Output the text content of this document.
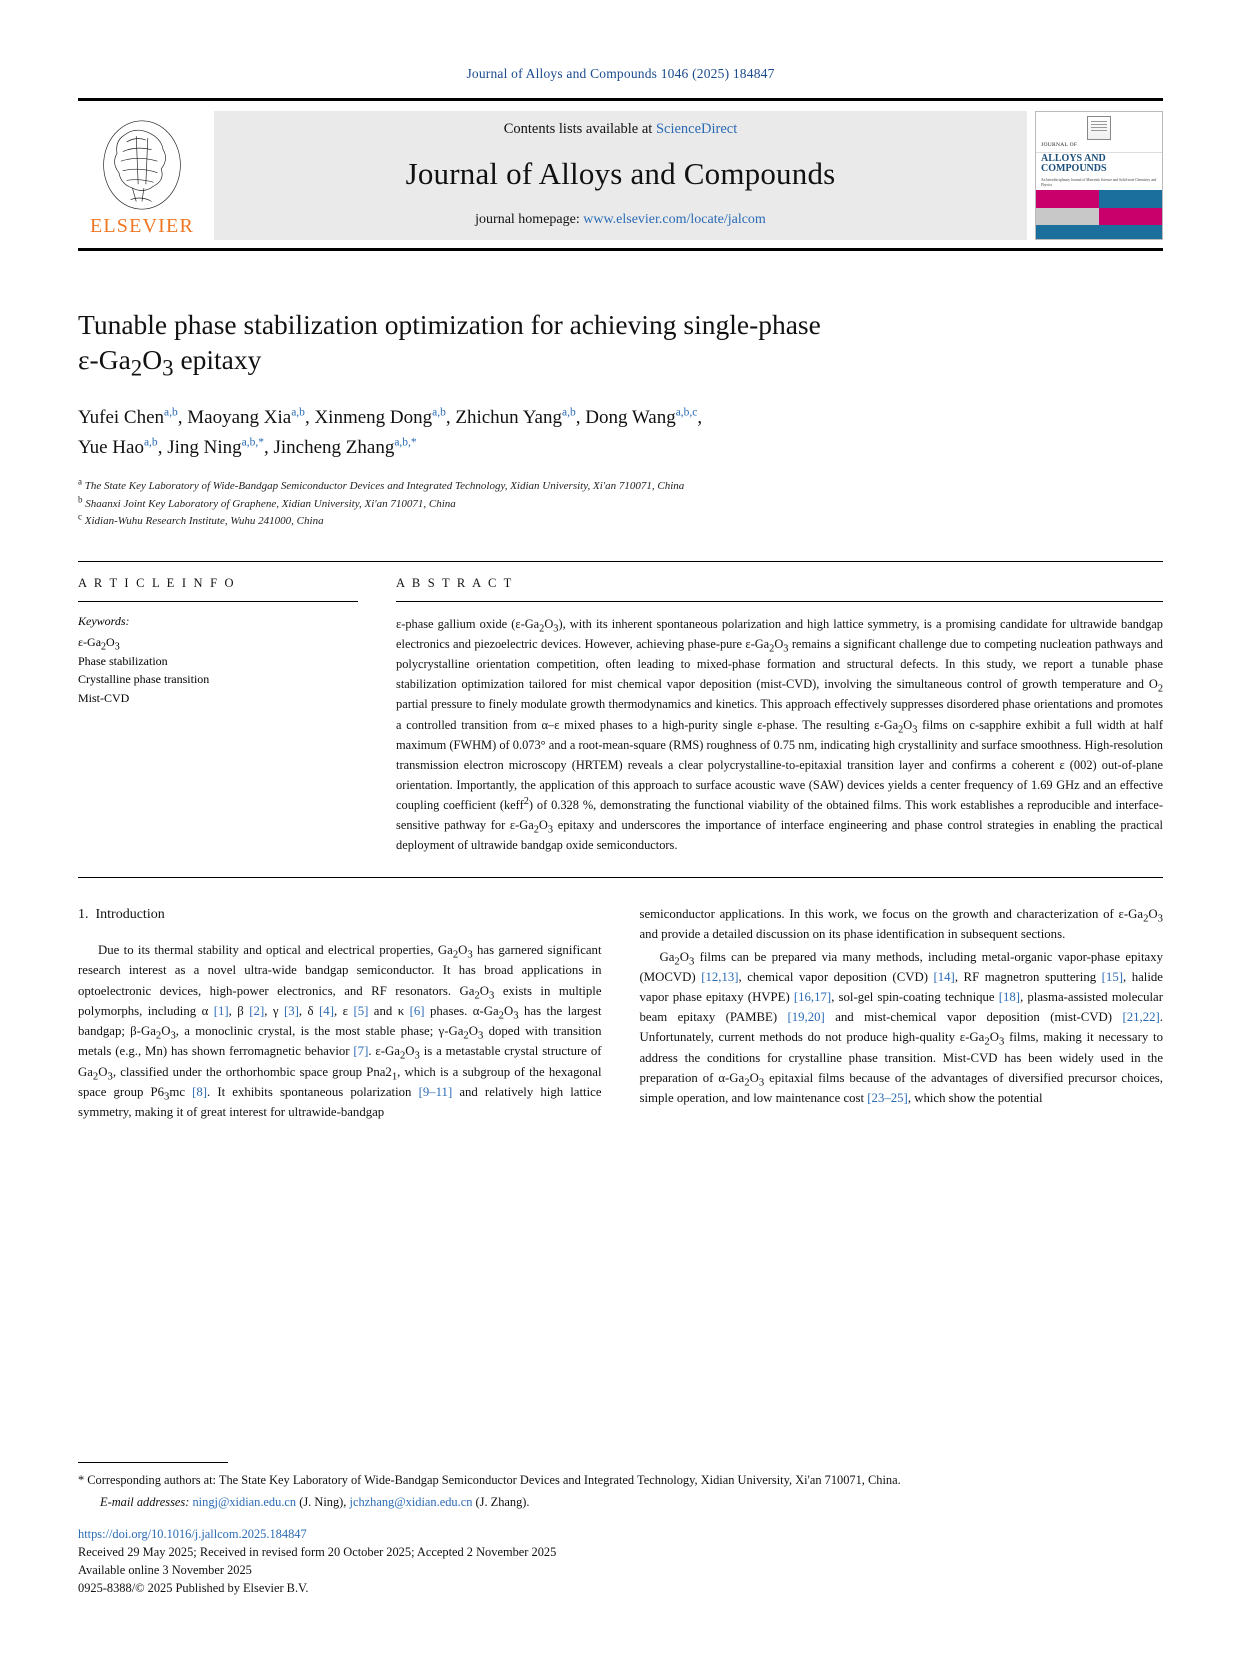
Journal of Alloys and Compounds 1046 (2025) 184847
ELSEVIER
Contents lists available at ScienceDirect
Journal of Alloys and Compounds
journal homepage: www.elsevier.com/locate/jalcom
JOURNAL OF
ALLOYS AND COMPOUNDS
An Interdisciplinary Journal of Materials Science and Solid-state Chemistry and Physics
Tunable phase stabilization optimization for achieving single-phase
$\varepsilon-Ga_2O_3$ epitaxy
Yufei Chen$^{a,b}$, Maoyang Xia$^{a,b}$, Xinmeng Dong$^{a,b}$, Zhichun Yang$^{a,b}$, Dong Wang$^{a,b,c}$,
Yue Hao$^{a,b}$, Jing Ning$^{a,b,*}$, Jincheng Zhang$^{a,b,*}$
$^a$ The State Key Laboratory of Wide-Bandgap Semiconductor Devices and Integrated Technology, Xidian University, Xi'an 710071, China
$^b$ Shaanxi Joint Key Laboratory of Graphene, Xidian University, Xi'an 710071, China
$^c$ Xidian-Wuhu Research Institute, Wuhu 241000, China
A R T I C L E I N F O
Keywords:
$\varepsilon-Ga_2O_3$
Phase stabilization
Crystalline phase transition
Mist-CVD
A B S T R A C T
ε-phase gallium oxide $(\varepsilon-Ga_2O_3)$, with its inherent spontaneous polarization and high lattice symmetry, is a promising candidate for ultrawide bandgap electronics and piezoelectric devices. However, achieving phase-pure $\varepsilon-Ga_2O_3$ remains a significant challenge due to competing nucleation pathways and polycrystalline orientation competition, often leading to mixed-phase formation and structural defects. In this study, we report a tunable phase stabilization optimization tailored for mist chemical vapor deposition (mist-CVD), involving the simultaneous control of growth temperature and $O_2$ partial pressure to finely modulate growth thermodynamics and kinetics. This approach effectively suppresses disordered phase orientations and promotes a controlled transition from α–ε mixed phases to a high-purity single ε-phase. The resulting $\varepsilon-Ga_2O_3$ films on c-sapphire exhibit a full width at half maximum (FWHM) of 0.073° and a root-mean-square (RMS) roughness of 0.75 nm, indicating high crystallinity and surface smoothness. High-resolution transmission electron microscopy (HRTEM) reveals a clear polycrystalline-to-epitaxial transition layer and confirms a coherent ε (002) out-of-plane orientation. Importantly, the application of this approach to surface acoustic wave (SAW) devices yields a center frequency of 1.69 GHz and an effective coupling coefficient (keff$^2$) of 0.328 %, demonstrating the functional viability of the obtained films. This work establishes a reproducible and interface-sensitive pathway for $\varepsilon-Ga_2O_3$ epitaxy and underscores the importance of interface engineering and phase control strategies in enabling the practical deployment of ultrawide bandgap oxide semiconductors.
1. Introduction

Due to its thermal stability and optical and electrical properties, $Ga_2O_3$ has garnered significant research interest as a novel ultra-wide bandgap semiconductor. It has broad applications in optoelectronic devices, high-power electronics, and RF resonators. $Ga_2O_3$ exists in multiple polymorphs, including α [1], β [2], γ [3], δ [4], ε [5] and κ [6] phases. $\alpha-Ga_2O_3$ has the largest bandgap; $\beta-Ga_2O_3$, a monoclinic crystal, is the most stable phase; $\gamma-Ga_2O_3$ doped with transition metals (e.g., Mn) has shown ferromagnetic behavior [7]. $\varepsilon-Ga_2O_3$ is a metastable crystal structure of $Ga_2O_3$, classified under the orthorhombic space group $Pna2_1$, which is a subgroup of the hexagonal space group $P6_3mc$ [8]. It exhibits spontaneous polarization [9–11] and relatively high lattice symmetry, making it of great interest for ultrawide-bandgap

semiconductor applications. In this work, we focus on the growth and characterization of $\varepsilon-Ga_2O_3$ and provide a detailed discussion on its phase identification in subsequent sections.

$Ga_2O_3$ films can be prepared via many methods, including metal-organic vapor-phase epitaxy (MOCVD) [12,13], chemical vapor deposition (CVD) [14], RF magnetron sputtering [15], halide vapor phase epitaxy (HVPE) [16,17], sol-gel spin-coating technique [18], plasma-assisted molecular beam epitaxy (PAMBE) [19,20] and mist-chemical vapor deposition (mist-CVD) [21,22]. Unfortunately, current methods do not produce high-quality $\varepsilon-Ga_2O_3$ films, making it necessary to address the conditions for crystalline phase transition. Mist-CVD has been widely used in the preparation of $\alpha-Ga_2O_3$ epitaxial films because of the advantages of diversified precursor choices, simple operation, and low maintenance cost [23–25], which show the potential

* Corresponding authors at: The State Key Laboratory of Wide-Bandgap Semiconductor Devices and Integrated Technology, Xidian University, Xi'an 710071, China.
E-mail addresses: ningj@xidian.edu.cn (J. Ning), jchzhang@xidian.edu.cn (J. Zhang).
https://doi.org/10.1016/j.jallcom.2025.184847
Received 29 May 2025; Received in revised form 20 October 2025; Accepted 2 November 2025
Available online 3 November 2025
0925-8388/© 2025 Published by Elsevier B.V.
